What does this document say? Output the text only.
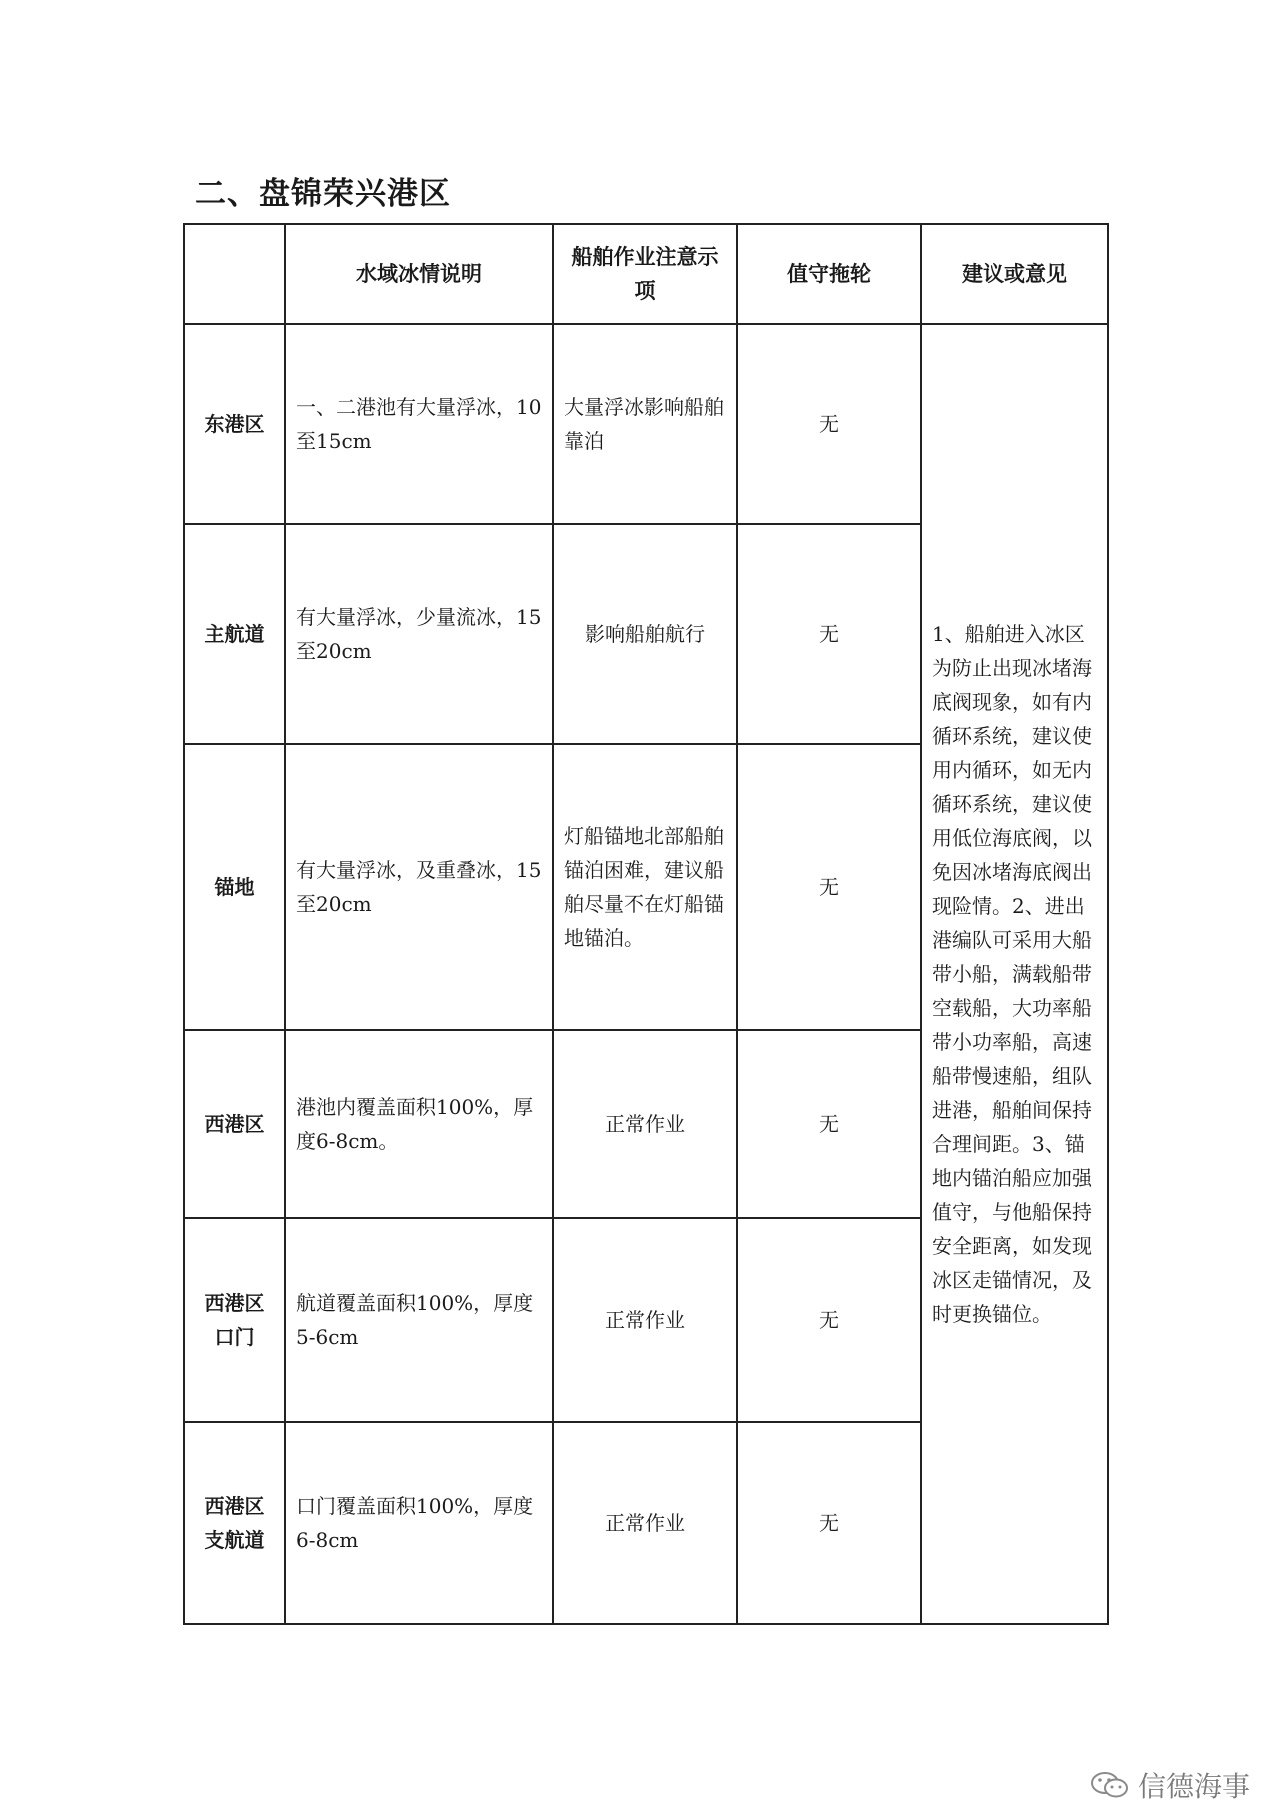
二、盘锦荣兴港区
	水域冰情说明	船舶作业注意示项	值守拖轮	建议或意见
东港区	一、二港池有大量浮冰，10至15cm	大量浮冰影响船舶靠泊	无	1、船舶进入冰区为防止出现冰堵海底阀现象，如有内循环系统，建议使用内循环，如无内循环系统，建议使用低位海底阀，以免因冰堵海底阀出现险情。2、进出港编队可采用大船带小船，满载船带空载船，大功率船带小功率船，高速船带慢速船，组队进港，船舶间保持合理间距。3、锚地内锚泊船应加强值守，与他船保持安全距离，如发现冰区走锚情况，及时更换锚位。
主航道	有大量浮冰，少量流冰，15至20cm	影响船舶航行	无	
锚地	有大量浮冰，及重叠冰，15至20cm	灯船锚地北部船舶锚泊困难，建议船舶尽量不在灯船锚地锚泊。	无	
西港区	港池内覆盖面积100%，厚度6-8cm。	正常作业	无	
西港区口门	航道覆盖面积100%，厚度5-6cm	正常作业	无	
西港区支航道	口门覆盖面积100%，厚度6-8cm	正常作业	无	
信德海事
